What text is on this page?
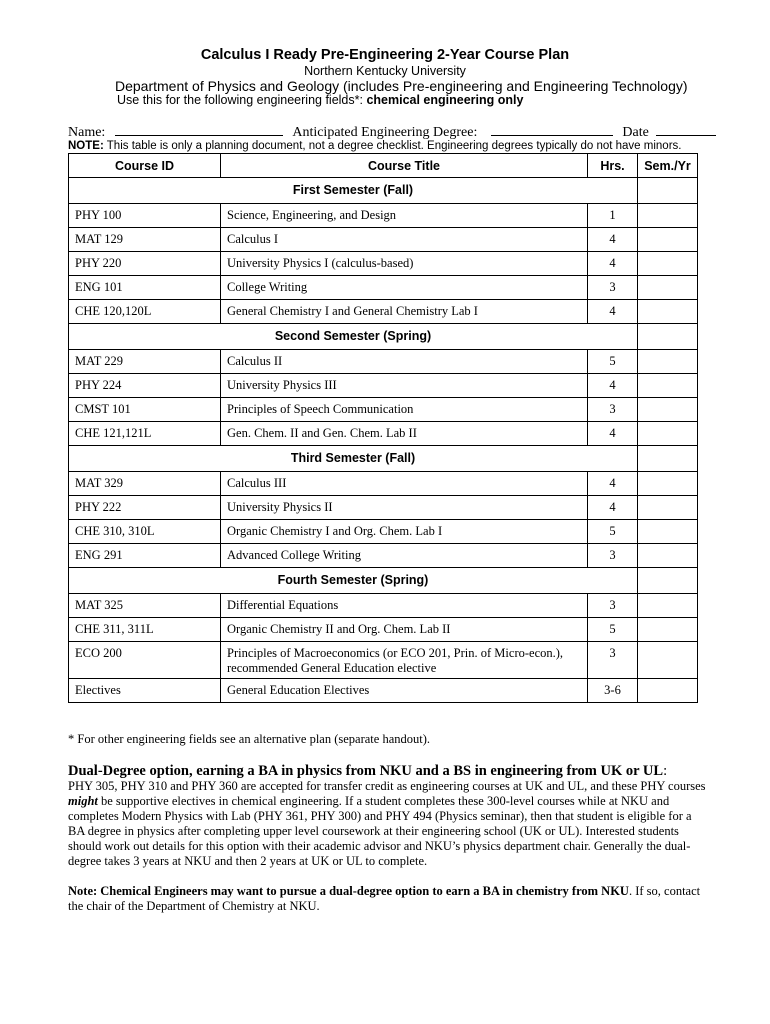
Calculus I Ready Pre-Engineering 2-Year Course Plan
Northern Kentucky University
Department of Physics and Geology (includes Pre-engineering and Engineering Technology)
Use this for the following engineering fields*: chemical engineering only
Name:	Anticipated Engineering Degree:	Date
NOTE: This table is only a planning document, not a degree checklist. Engineering degrees typically do not have minors.
Course ID	Course Title	Hrs.	Sem./Yr
First Semester (Fall)			
PHY 100	Science, Engineering, and Design	1	
MAT 129	Calculus I	4	
PHY 220	University Physics I (calculus-based)	4	
ENG 101	College Writing	3	
CHE 120,120L	General Chemistry I and General Chemistry Lab I	4	
Second Semester (Spring)			
MAT 229	Calculus II	5	
PHY 224	University Physics III	4	
CMST 101	Principles of Speech Communication	3	
CHE 121,121L	Gen. Chem. II and Gen. Chem. Lab II	4	
Third Semester (Fall)			
MAT 329	Calculus III	4	
PHY 222	University Physics II	4	
CHE 310, 310L	Organic Chemistry I and Org. Chem. Lab I	5	
ENG 291	Advanced College Writing	3	
Fourth Semester (Spring)			
MAT 325	Differential Equations	3	
CHE 311, 311L	Organic Chemistry II and Org. Chem. Lab II	5	
ECO 200	Principles of Macroeconomics (or ECO 201, Prin. of Micro-econ.), recommended General Education elective	3	
Electives	General Education Electives	3-6	
* For other engineering fields see an alternative plan (separate handout).
Dual-Degree option, earning a BA in physics from NKU and a BS in engineering from UK or UL:
PHY 305, PHY 310 and PHY 360 are accepted for transfer credit as engineering courses at UK and UL, and these PHY courses might be supportive electives in chemical engineering. If a student completes these 300-level courses while at NKU and completes Modern Physics with Lab (PHY 361, PHY 300) and PHY 494 (Physics seminar), then that student is eligible for a BA degree in physics after completing upper level coursework at their engineering school (UK or UL). Interested students should work out details for this option with their academic advisor and NKU’s physics department chair. Generally the dual-degree takes 3 years at NKU and then 2 years at UK or UL to complete.
Note: Chemical Engineers may want to pursue a dual-degree option to earn a BA in chemistry from NKU. If so, contact the chair of the Department of Chemistry at NKU.
